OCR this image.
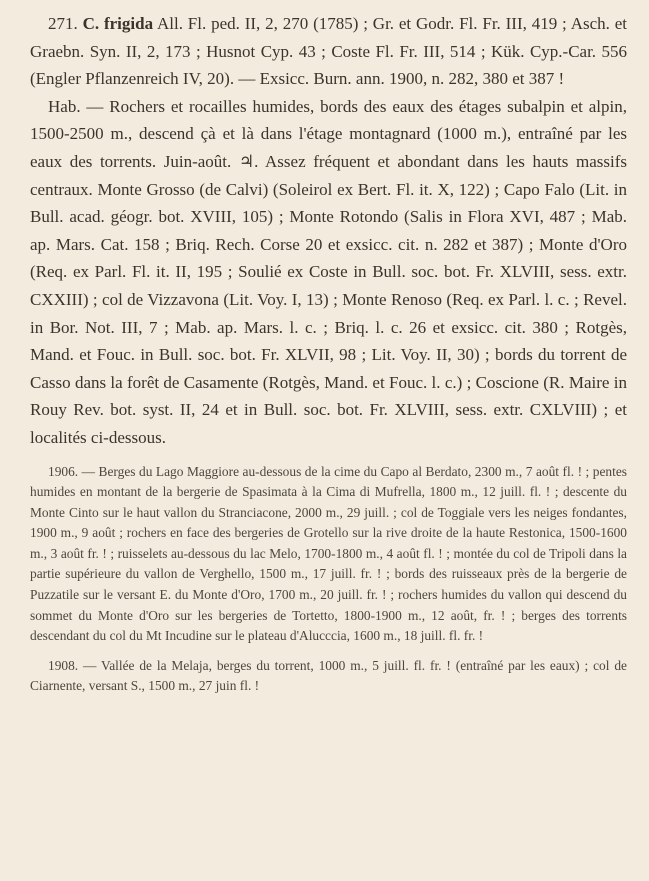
271. C. frigida All. Fl. ped. II, 2, 270 (1785) ; Gr. et Godr. Fl. Fr. III, 419 ; Asch. et Graebn. Syn. II, 2, 173 ; Husnot Cyp. 43 ; Coste Fl. Fr. III, 514 ; Kük. Cyp.-Car. 556 (Engler Pflanzenreich IV, 20). — Exsicc. Burn. ann. 1900, n. 282, 380 et 387 !

Hab. — Rochers et rocailles humides, bords des eaux des étages subalpin et alpin, 1500-2500 m., descend çà et là dans l'étage montagnard (1000 m.), entraîné par les eaux des torrents. Juin-août. ♃. Assez fréquent et abondant dans les hauts massifs centraux. Monte Grosso (de Calvi) (Soleirol ex Bert. Fl. it. X, 122) ; Capo Falo (Lit. in Bull. acad. géogr. bot. XVIII, 105) ; Monte Rotondo (Salis in Flora XVI, 487 ; Mab. ap. Mars. Cat. 158 ; Briq. Rech. Corse 20 et exsicc. cit. n. 282 et 387) ; Monte d'Oro (Req. ex Parl. Fl. it. II, 195 ; Soulié ex Coste in Bull. soc. bot. Fr. XLVIII, sess. extr. CXXIII) ; col de Vizzavona (Lit. Voy. I, 13) ; Monte Renoso (Req. ex Parl. l. c. ; Revel. in Bor. Not. III, 7 ; Mab. ap. Mars. l. c. ; Briq. l. c. 26 et exsicc. cit. 380 ; Rotgès, Mand. et Fouc. in Bull. soc. bot. Fr. XLVII, 98 ; Lit. Voy. II, 30) ; bords du torrent de Casso dans la forêt de Casamente (Rotgès, Mand. et Fouc. l. c.) ; Coscione (R. Maire in Rouy Rev. bot. syst. II, 24 et in Bull. soc. bot. Fr. XLVIII, sess. extr. CXLVIII) ; et localités ci-dessous.

1906. — Berges du Lago Maggiore au-dessous de la cime du Capo al Berdato, 2300 m., 7 août fl. ! ; pentes humides en montant de la bergerie de Spasimata à la Cima di Mufrella, 1800 m., 12 juill. fl. ! ; descente du Monte Cinto sur le haut vallon du Stranciacone, 2000 m., 29 juill. ; col de Toggiale vers les neiges fondantes, 1900 m., 9 août ; rochers en face des bergeries de Grotello sur la rive droite de la haute Restonica, 1500-1600 m., 3 août fr. ! ; ruisselets au-dessous du lac Melo, 1700-1800 m., 4 août fl. ! ; montée du col de Tripoli dans la partie supérieure du vallon de Verghello, 1500 m., 17 juill. fr. ! ; bords des ruisseaux près de la bergerie de Puzzatile sur le versant E. du Monte d'Oro, 1700 m., 20 juill. fr. ! ; rochers humides du vallon qui descend du sommet du Monte d'Oro sur les bergeries de Tortetto, 1800-1900 m., 12 août, fr. ! ; berges des torrents descendant du col du Mt Incudine sur le plateau d'Alucccia, 1600 m., 18 juill. fl. fr. !

1908. — Vallée de la Melaja, berges du torrent, 1000 m., 5 juill. fl. fr. ! (entraîné par les eaux) ; col de Ciarnente, versant S., 1500 m., 27 juin fl. !
